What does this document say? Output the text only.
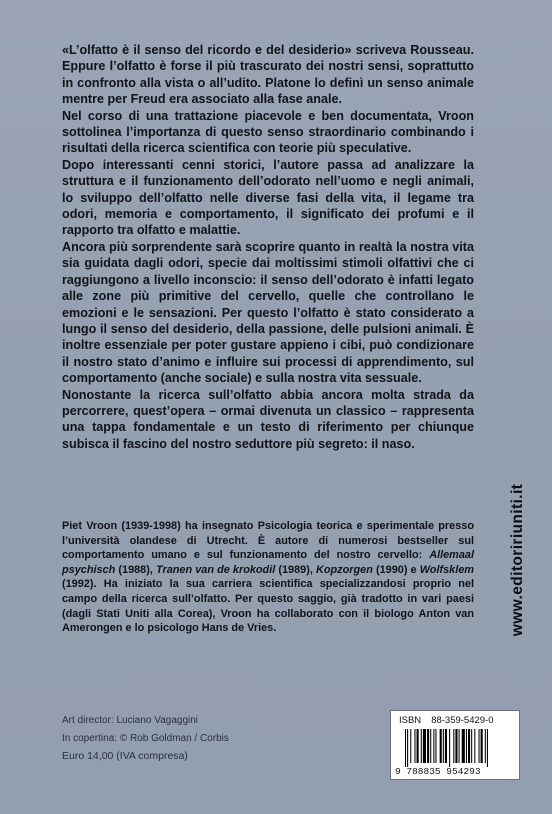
«L’olfatto è il senso del ricordo e del desiderio» scriveva Rousseau. Eppure l’olfatto è forse il più trascurato dei nostri sensi, soprattutto in confronto alla vista o all’udito. Platone lo definì un senso animale mentre per Freud era associato alla fase anale.

Nel corso di una trattazione piacevole e ben documentata, Vroon sottolinea l’importanza di questo senso straordinario combinando i risultati della ricerca scientifica con teorie più speculative.

Dopo interessanti cenni storici, l’autore passa ad analizzare la struttura e il funzionamento dell’odorato nell’uomo e negli animali, lo sviluppo dell’olfatto nelle diverse fasi della vita, il legame tra odori, memoria e comportamento, il significato dei profumi e il rapporto tra olfatto e malattie.

Ancora più sorprendente sarà scoprire quanto in realtà la nostra vita sia guidata dagli odori, specie dai moltissimi stimoli olfattivi che ci raggiungono a livello inconscio: il senso dell’odorato è infatti legato alle zone più primitive del cervello, quelle che controllano le emozioni e le sensazioni. Per questo l’olfatto è stato considerato a lungo il senso del desiderio, della passione, delle pulsioni animali. È inoltre essenziale per poter gustare appieno i cibi, può condizionare il nostro stato d’animo e influire sui processi di apprendimento, sul comportamento (anche sociale) e sulla nostra vita sessuale.

Nonostante la ricerca sull’olfatto abbia ancora molta strada da percorrere, quest’opera – ormai divenuta un classico – rappresenta una tappa fondamentale e un testo di riferimento per chiunque subisca il fascino del nostro seduttore più segreto: il naso.

Piet Vroon (1939-1998) ha insegnato Psicologia teorica e sperimentale presso l’università olandese di Utrecht. È autore di numerosi bestseller sul comportamento umano e sul funzionamento del nostro cervello: Allemaal psychisch (1988), Tranen van de krokodil (1989), Kopzorgen (1990) e Wolfsklem (1992). Ha iniziato la sua carriera scientifica specializzandosi proprio nel campo della ricerca sull’olfatto. Per questo saggio, già tradotto in vari paesi (dagli Stati Uniti alla Corea), Vroon ha collaborato con il biologo Anton van Amerongen e lo psicologo Hans de Vries.

Art director: Luciano Vagaggini
In copertina: © Rob Goldman / Corbis
Euro 14,00 (IVA compresa)
www.editoririuniti.it
ISBN 88-359-5429-0
9 788835 954293
